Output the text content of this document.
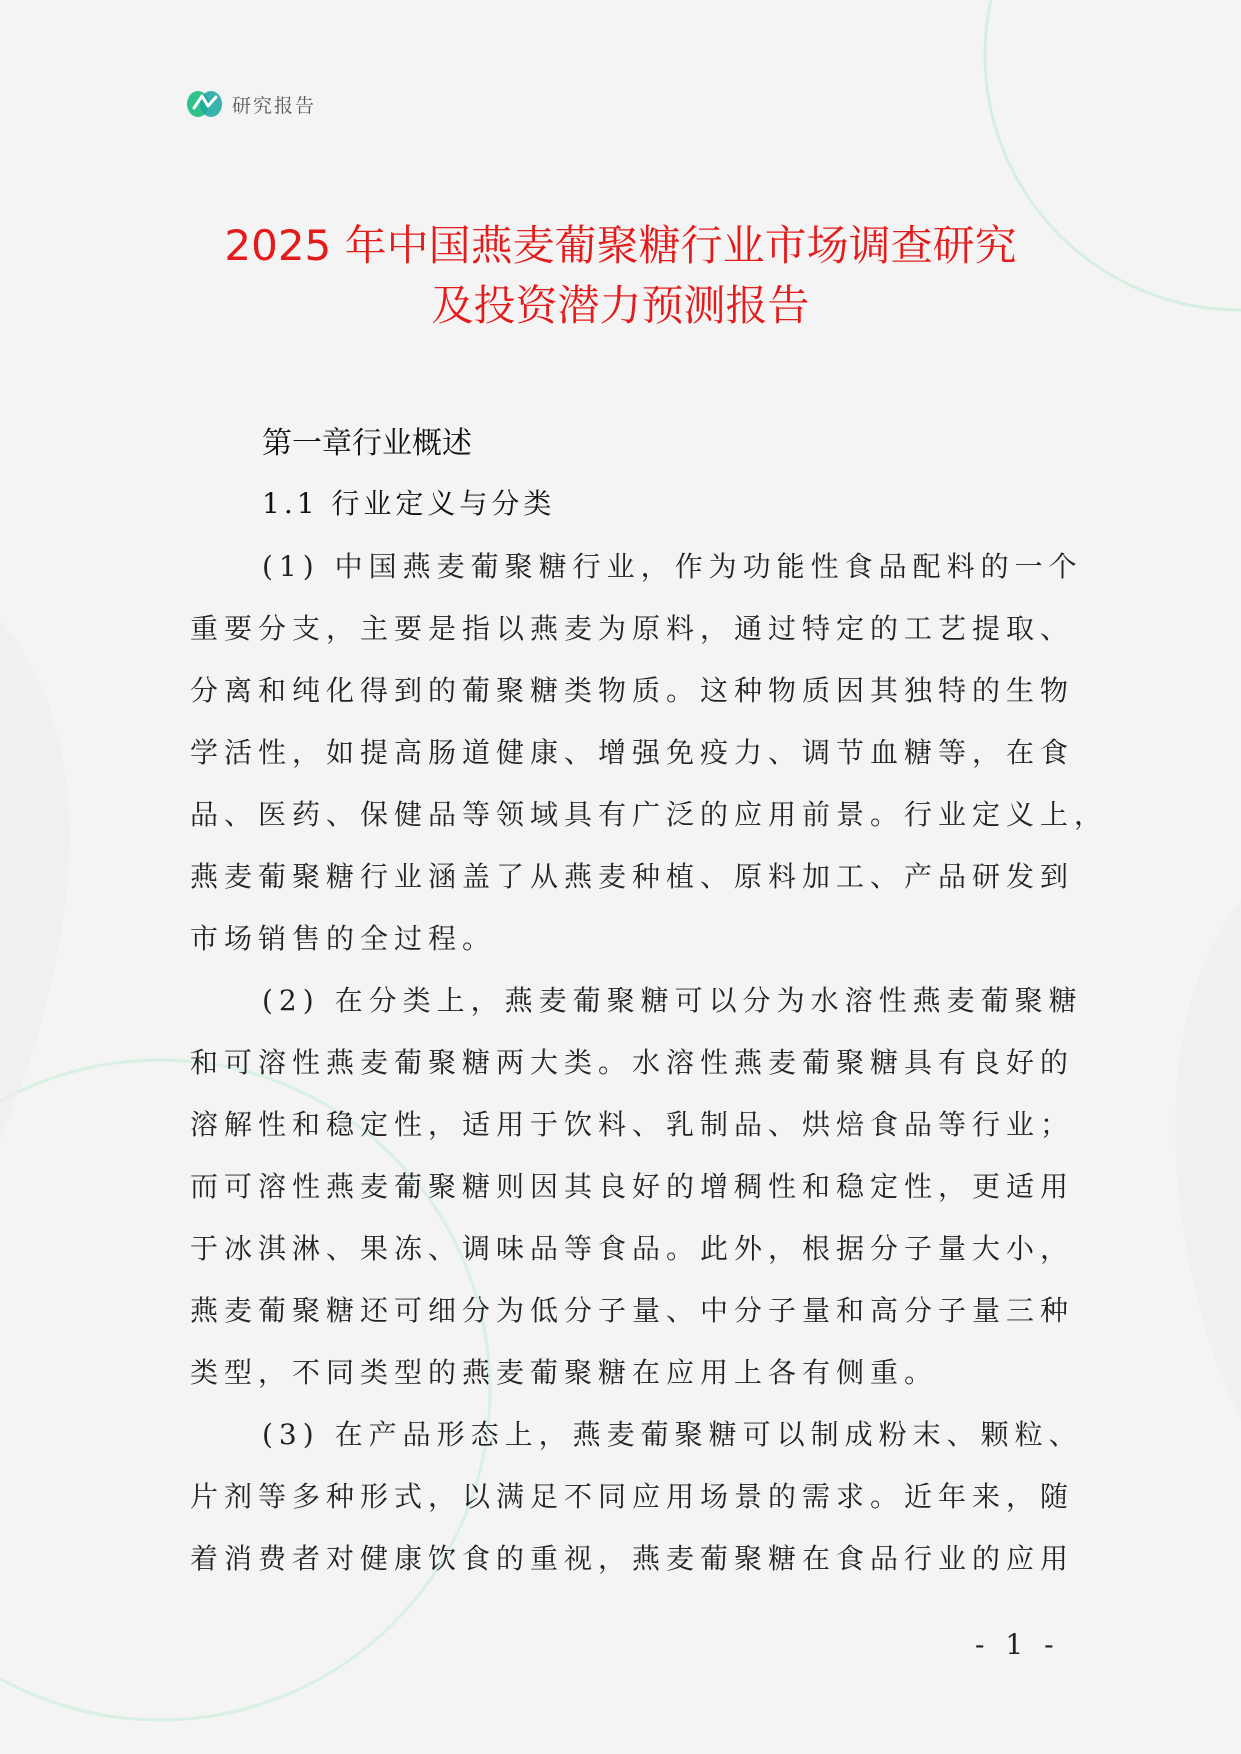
研究报告
2025 年中国燕麦葡聚糖行业市场调查研究
及投资潜力预测报告
第一章行业概述
1.1 行业定义与分类

(1) 中国燕麦葡聚糖行业，作为功能性食品配料的一个
重要分支，主要是指以燕麦为原料，通过特定的工艺提取、
分离和纯化得到的葡聚糖类物质。这种物质因其独特的生物
学活性，如提高肠道健康、增强免疫力、调节血糖等，在食
品、医药、保健品等领域具有广泛的应用前景。行业定义上，
燕麦葡聚糖行业涵盖了从燕麦种植、原料加工、产品研发到
市场销售的全过程。

(2) 在分类上，燕麦葡聚糖可以分为水溶性燕麦葡聚糖
和可溶性燕麦葡聚糖两大类。水溶性燕麦葡聚糖具有良好的
溶解性和稳定性，适用于饮料、乳制品、烘焙食品等行业；
而可溶性燕麦葡聚糖则因其良好的增稠性和稳定性，更适用
于冰淇淋、果冻、调味品等食品。此外，根据分子量大小，
燕麦葡聚糖还可细分为低分子量、中分子量和高分子量三种
类型，不同类型的燕麦葡聚糖在应用上各有侧重。

(3) 在产品形态上，燕麦葡聚糖可以制成粉末、颗粒、
片剂等多种形式，以满足不同应用场景的需求。近年来，随
着消费者对健康饮食的重视，燕麦葡聚糖在食品行业的应用

- 1 -
